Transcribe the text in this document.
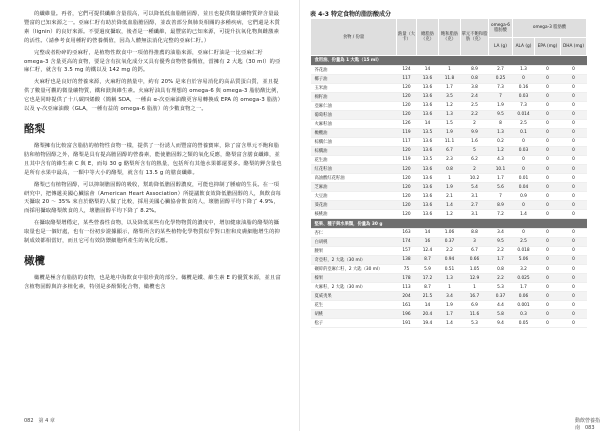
的纖維量。再者，它們可提供纖維含量很高，可以降低低血脂膽固醇，並且也提供微量礦物質鋅含量最豐富的已知來源之一。亞麻仁籽有助於降低血脂膽固醇，並改善部分與肺炎相關的多種疾病，它們還是木質素（lignin）的良好來源。不要過度攝取，後者是一種纖維，最豐富的已知來源，可提升抗氧化物與雌激素的活性。（請參考食用種籽的營養價值，因為人體無法消化完整的亞麻仁籽。）

完整或者粉碎的亞麻籽，是植物性飲食中一項值得推薦的油脂來源，亞麻仁籽油是一比亞麻仁籽 omega-3 含量更高的食物，要是含有抗氧化成分又具有優秀食物營養價值，當擁有 2 大匙（30 ml）的亞麻仁籽，就含有 3.5 mg 的鐵以及 142 mg 的鈣。

火麻籽也是良好的營養來源，火麻籽的熱量中，約有 20% 是來自於容易消化的高品質蛋白質，並且提供了數量可觀的微量礦物質，鐵和鎂與維生素。火麻籽油具有理想的 omega-6 與 omega-3 脂肪酸比例，它也是同時提供了十八碳四烯酸（簡稱 SDA，一種由 α-次亞麻油酸更容易轉換成 EPA 的 omega-3 脂肪）以及 γ-次亞麻油酸（GLA，一種有益的 omega-6 脂肪）的少數食物之一。

酪梨

酪梨擁有比較富含脂肪的植物性食物一樣，提供了一份誘人而豐富的營養寶庫，除了富含單元不飽和脂肪和植物固醇之外，酪梨是具有提高膽固醇的營養素，能使膽固醇之類的氧化反應，酪梨富含膳食纖維，並且其中含有的維生素 C 與 E，而每 30 g 酪梨所含有的熱量，包括所有其他水果都還要多。酪梨的鉀含量也是所有水果中最高，一顆中等大小的酪梨，就含有 13.5 g 的膳食纖維。

酪梨已有植物固醇，可以抑制膽固醇的吸收，幫助降低膽固醇濃度，可能也抑制了腫瘤的生長。在一項研究中，把傳遞美國心臟協會（American Heart Association）所提議飲食效降低膽固醇的人，與飲食每天攝取 20 〜 35% 來自於酪梨的人做了比較，採用美國心臟協會飲食的人，壞膽固醇平均下降了 4.9%，而採用攝取酪梨飲食的人，壞膽固醇平均下降了 8.2%。

在攝取酪梨增穩定，某些營養性食物，以及降低某些有化學物物質的濃度中，增加健康油脂的酪梨的攝取量也是一個好處，也有一份初步證據顯示，酪梨所含的某些植物化學物質似乎對口腔和皮膚細胞增生的抑制成效都相當好，而且它可有效防禦細胞所產生的氧化反應。

橄欖

橄欖是極含有脂肪的食物，也是地中海飲食中很珍貴的部分。橄欖是鐵、維生素 E 的優質來源，並且富含植物固醇與許多植化素，特別是多酚類化合物，橄欖也含

082　第 4 章
表 4-3 特定食物的脂肪酸成分
食物 / 份量	熱量（大卡）	總脂肪（克）	飽和脂肪（克）	單元不飽和脂肪（克）	omega-6 脂肪酸	omega-3 脂肪酸		
					LA (g)	ALA (g)	EPA (mg)	DHA (mg)
食用油、份量為 1 大匙（15 ml）								
芥花油	124	14	1	8.9	2.7	1.3	0	0
椰子油	117	13.6	11.8	0.8	0.25	0	0	0
玉米油	120	13.6	1.7	3.8	7.3	0.16	0	0
棉籽油	120	13.6	3.5	2.4	7	0.03	0	0
亞麻仁油	120	13.6	1.2	2.5	1.9	7.3	0	0
葡萄籽油	120	13.6	1.3	2.2	9.5	0.014	0	0
火麻籽油	126	14	1.5	2	8	2.5	0	0
橄欖油	119	13.5	1.9	9.9	1.3	0.1	0	0
棕櫚仁油	117	13.6	11.1	1.6	0.2	0	0	0
棕櫚油	120	13.6	6.7	5	1.2	0.03	0	0
花生油	119	13.5	2.3	6.2	4.3	0	0	0
紅花籽油	120	13.6	0.8	2	10.1	0	0	0
高油酸紅花籽油	120	13.6	1	10.2	1.7	0.01	0	0
芝麻油	120	13.6	1.9	5.4	5.6	0.04	0	0
大豆油	120	13.6	2.1	3.1	7	0.9	0	0
葵花油	120	13.6	1.4	2.7	8.9	0	0	0
核桃油	120	13.6	1.2	3.1	7.2	1.4	0	0
堅果、種子與水果類，份量為 30 g								
杏仁	163	14	1.06	8.8	3.4	0	0	0
白胡桃	174	16	0.37	3	9.5	2.5	0	0
腰果	157	12.4	2.2	6.7	2.2	0.018	0	0
奇亞籽，2 大匙（30 ml）	138	8.7	0.94	0.66	1.7	5.06	0	0
碾碎的亞麻仁籽，2 大匙（30 ml）	75	5.9	0.51	1.05	0.8	3.2	0	0
榛果	178	17.2	1.3	12.9	2.2	0.025	0	0
火麻籽，2 大匙（30 ml）	113	8.7	1	1	5.3	1.7	0	0
夏威夷果	204	21.5	3.4	16.7	0.37	0.06	0	0
花生	161	14	1.9	6.9	4.4	0.001	0	0
胡桃	196	20.4	1.7	11.6	5.8	0.3	0	0
松子	191	19.4	1.4	5.3	9.4	0.05	0	0
動飲營養指南　083
